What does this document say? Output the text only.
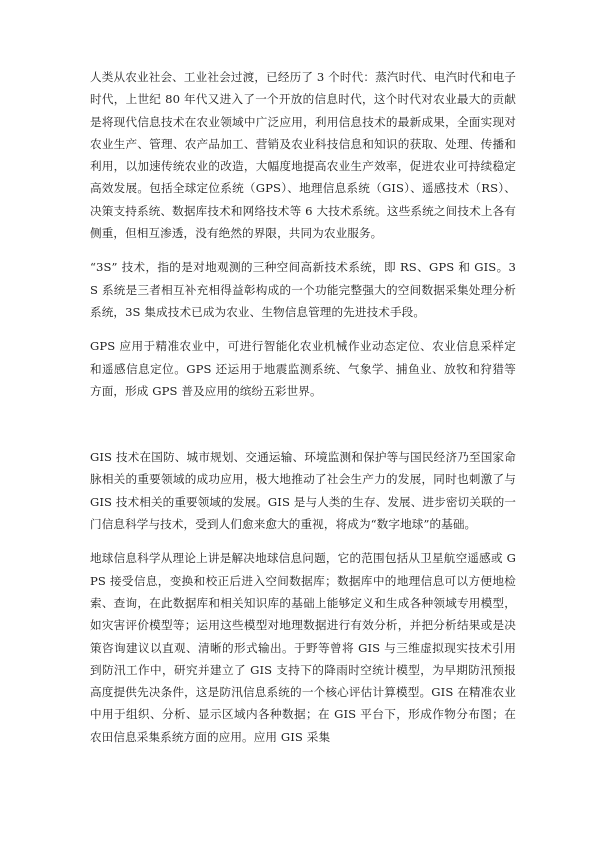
人类从农业社会、工业社会过渡，已经历了 3 个时代：蒸汽时代、电汽时代和电子时代，上世纪 80 年代又进入了一个开放的信息时代，这个时代对农业最大的贡献是将现代信息技术在农业领域中广泛应用，利用信息技术的最新成果，全面实现对农业生产、管理、农产品加工、营销及农业科技信息和知识的获取、处理、传播和利用，以加速传统农业的改造，大幅度地提高农业生产效率，促进农业可持续稳定高效发展。包括全球定位系统（GPS）、地理信息系统（GIS）、遥感技术（RS）、决策支持系统、数据库技术和网络技术等 6 大技术系统。这些系统之间技术上各有侧重，但相互渗透，没有绝然的界限，共同为农业服务。

“3S” 技术，指的是对地观测的三种空间高新技术系统，即 RS、GPS 和 GIS。3S 系统是三者相互补充相得益彰构成的一个功能完整强大的空间数据采集处理分析系统，3S 集成技术已成为农业、生物信息管理的先进技术手段。

GPS 应用于精准农业中，可进行智能化农业机械作业动态定位、农业信息采样定和遥感信息定位。GPS 还运用于地震监测系统、气象学、捕鱼业、放牧和狩猎等方面，形成 GPS 普及应用的缤纷五彩世界。

GIS 技术在国防、城市规划、交通运输、环境监测和保护等与国民经济乃至国家命脉相关的重要领域的成功应用，极大地推动了社会生产力的发展，同时也刺激了与 GIS 技术相关的重要领域的发展。GIS 是与人类的生存、发展、进步密切关联的一门信息科学与技术，受到人们愈来愈大的重视，将成为“数字地球”的基础。

地球信息科学从理论上讲是解决地球信息问题，它的范围包括从卫星航空遥感或 GPS 接受信息，变换和校正后进入空间数据库；数据库中的地理信息可以方便地检索、查询，在此数据库和相关知识库的基础上能够定义和生成各种领域专用模型，如灾害评价模型等；运用这些模型对地理数据进行有效分析，并把分析结果或是决策咨询建议以直观、清晰的形式输出。于野等曾将 GIS 与三维虚拟现实技术引用到防汛工作中，研究并建立了 GIS 支持下的降雨时空统计模型，为早期防汛预报高度提供先决条件，这是防汛信息系统的一个核心评估计算模型。GIS 在精准农业中用于组织、分析、显示区域内各种数据；在 GIS 平台下，形成作物分布图；在农田信息采集系统方面的应用。应用 GIS 采集
